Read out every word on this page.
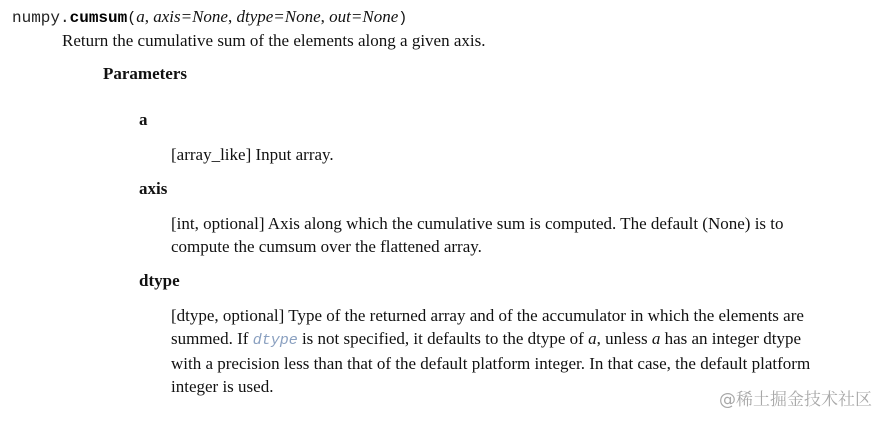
numpy.cumsum(a, axis=None, dtype=None, out=None)
Return the cumulative sum of the elements along a given axis.
Parameters
a
[array_like] Input array.
axis
[int, optional] Axis along which the cumulative sum is computed. The default (None) is to
compute the cumsum over the flattened array.
dtype
[dtype, optional] Type of the returned array and of the accumulator in which the elements are
summed. If dtype is not specified, it defaults to the dtype of a, unless a has an integer dtype
with a precision less than that of the default platform integer. In that case, the default platform
integer is used.
@稀土掘金技术社区
